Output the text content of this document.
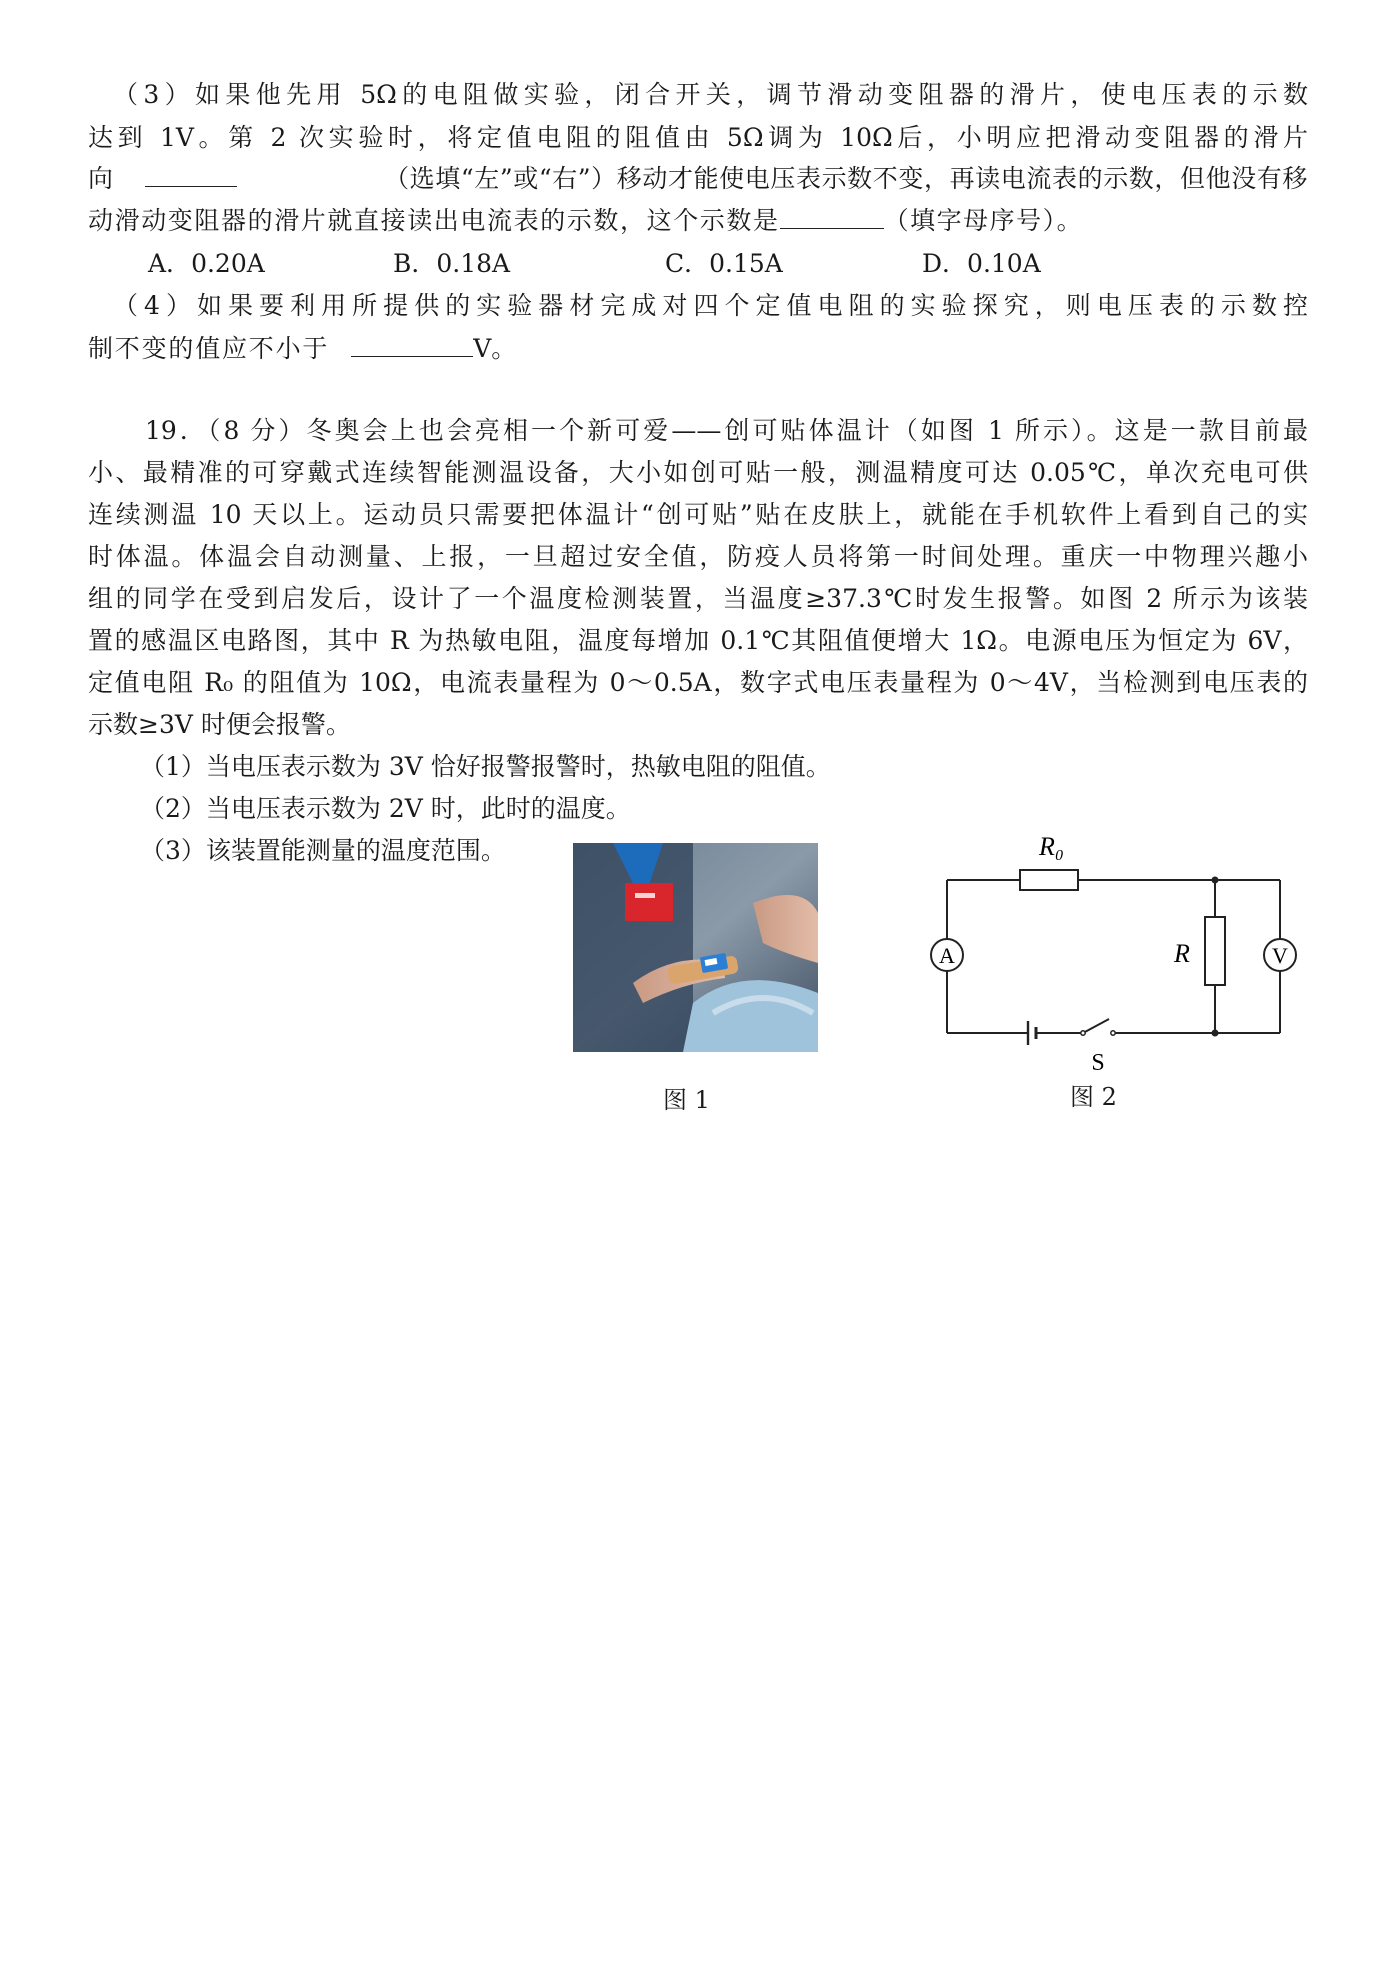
（3）如果他先用 5Ω的电阻做实验，闭合开关，调节滑动变阻器的滑片，使电压表的示数
达到 1V。第 2 次实验时，将定值电阻的阻值由 5Ω调为 10Ω后，小明应把滑动变阻器的滑片
向	（选填“左”或“右”）移动才能使电压表示数不变，再读电流表的示数，但他没有移
动滑动变阻器的滑片就直接读出电流表的示数，这个示数是	（填字母序号）。
A．0.20A	B．0.18A	C．0.15A	D．0.10A
（4）如果要利用所提供的实验器材完成对四个定值电阻的实验探究，则电压表的示数控
制不变的值应不小于	V。
19．（8 分）冬奥会上也会亮相一个新可爱——创可贴体温计（如图 1 所示）。这是一款目前最
小、最精准的可穿戴式连续智能测温设备，大小如创可贴一般，测温精度可达 0.05℃，单次充电可供
连续测温 10 天以上。运动员只需要把体温计“创可贴”贴在皮肤上，就能在手机软件上看到自己的实
时体温。体温会自动测量、上报，一旦超过安全值，防疫人员将第一时间处理。重庆一中物理兴趣小
组的同学在受到启发后，设计了一个温度检测装置，当温度≥37.3℃时发生报警。如图 2 所示为该装
置的感温区电路图，其中 R 为热敏电阻，温度每增加 0.1℃其阻值便增大 1Ω。电源电压为恒定为 6V，
定值电阻 R₀ 的阻值为 10Ω，电流表量程为 0～0.5A，数字式电压表量程为 0～4V，当检测到电压表的
示数≥3V 时便会报警。
（1）当电压表示数为 3V 恰好报警报警时，热敏电阻的阻值。
（2）当电压表示数为 2V 时，此时的温度。
（3）该装置能测量的温度范围。
图 1
A	V
R₀
R
S
图 2
